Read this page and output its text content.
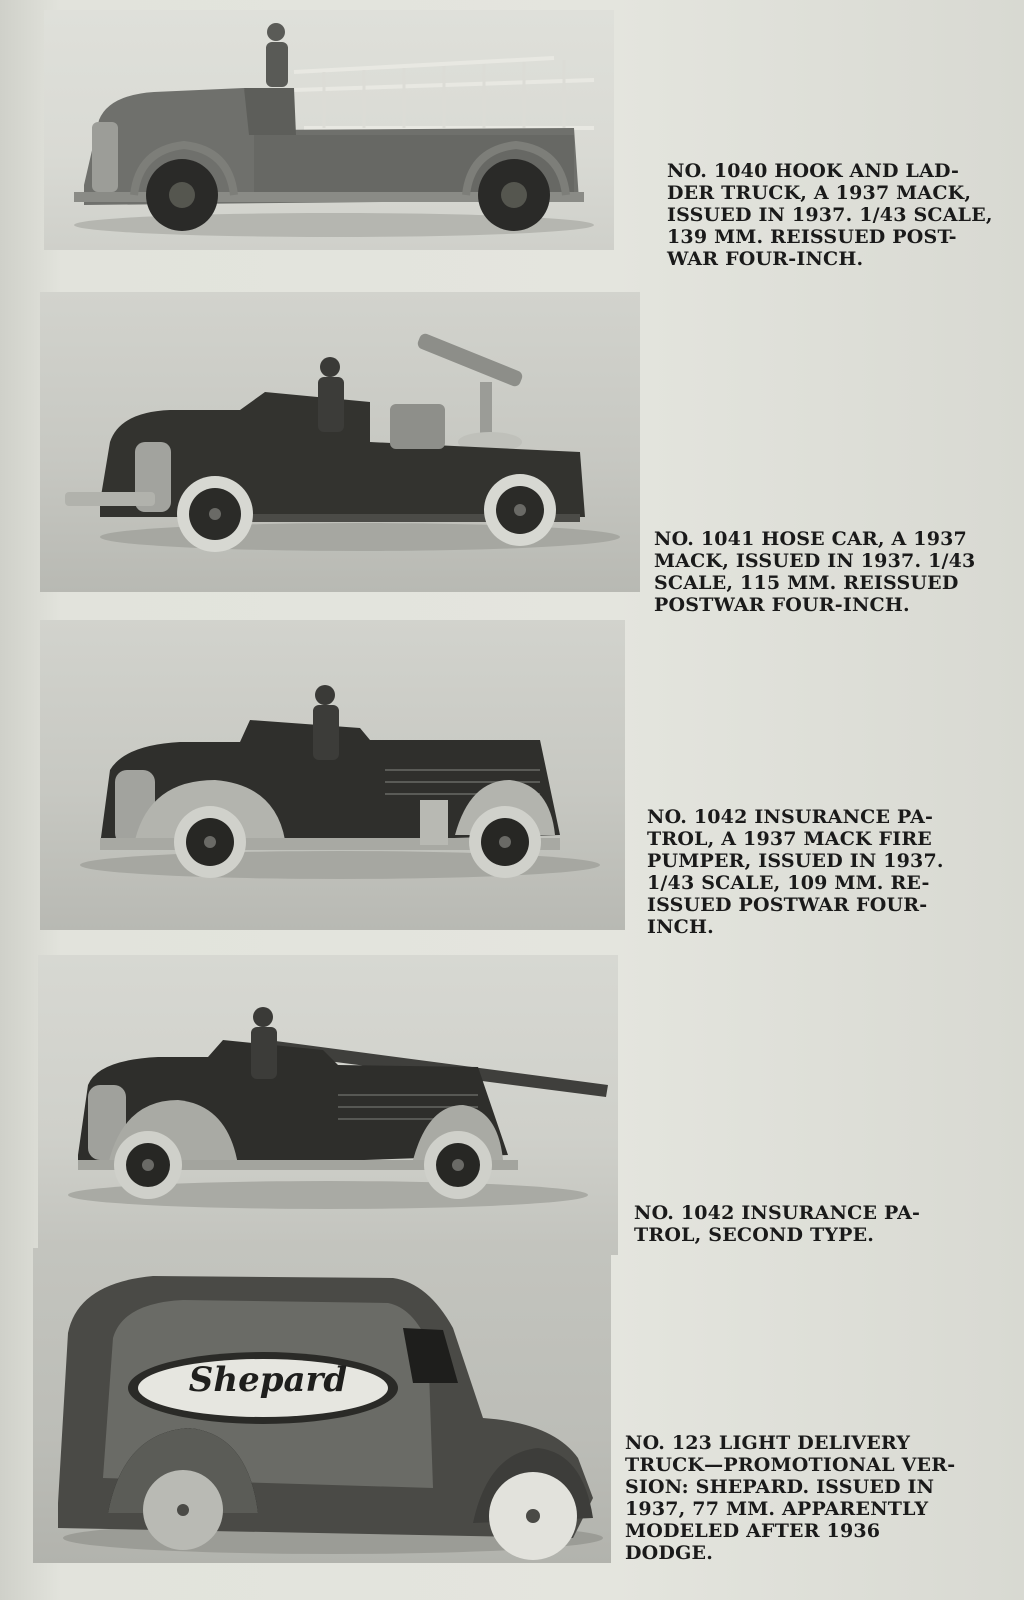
NO. 1040 HOOK AND LAD-
DER TRUCK, A 1937 MACK,
ISSUED IN 1937. 1/43 SCALE,
139 MM. REISSUED POST-
WAR FOUR-INCH.

NO. 1041 HOSE CAR, A 1937
MACK, ISSUED IN 1937. 1/43
SCALE, 115 MM. REISSUED
POSTWAR FOUR-INCH.

NO. 1042 INSURANCE PA-
TROL, A 1937 MACK FIRE
PUMPER, ISSUED IN 1937.
1/43 SCALE, 109 MM. RE-
ISSUED POSTWAR FOUR-
INCH.

NO. 1042 INSURANCE PA-
TROL, SECOND TYPE.

Shepard

NO. 123 LIGHT DELIVERY
TRUCK—PROMOTIONAL VER-
SION: SHEPARD. ISSUED IN
1937, 77 MM. APPARENTLY
MODELED AFTER 1936
DODGE.
